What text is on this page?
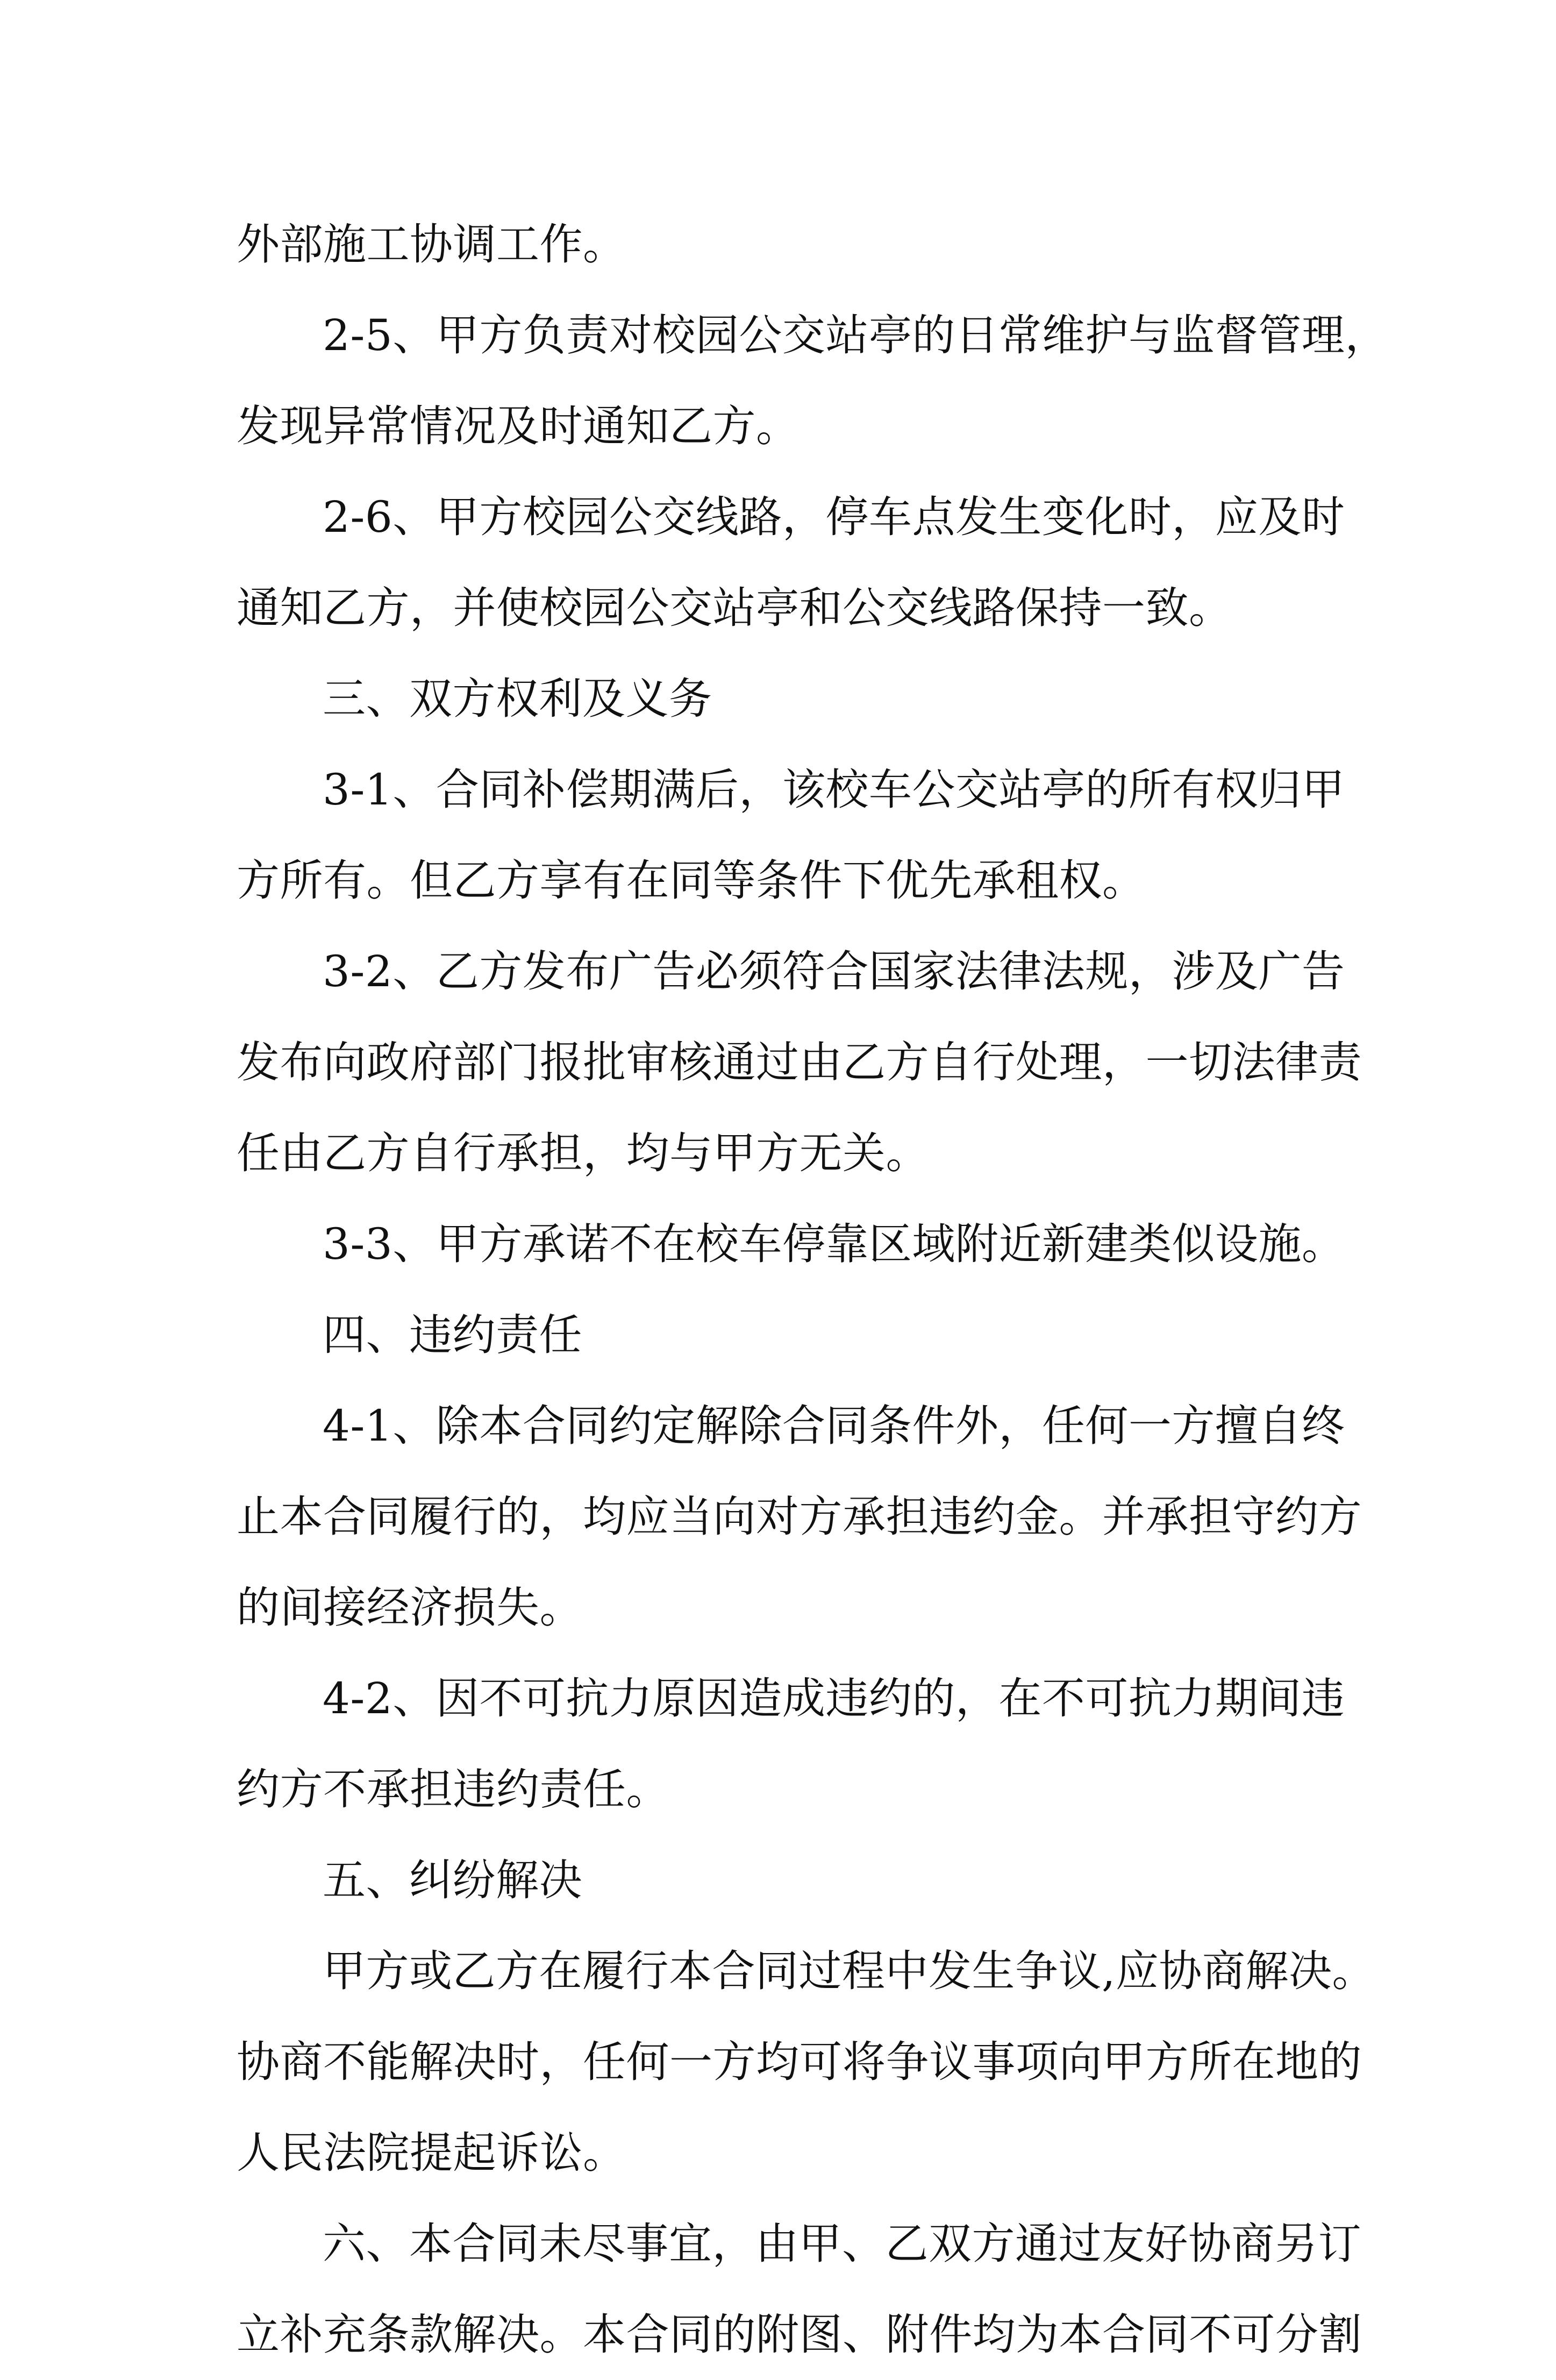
外部施工协调工作。

2-5、甲方负责对校园公交站亭的日常维护与监督管理，

发现异常情况及时通知乙方。

2-6、甲方校园公交线路，停车点发生变化时，应及时

通知乙方，并使校园公交站亭和公交线路保持一致。

三、双方权利及义务

3-1、合同补偿期满后，该校车公交站亭的所有权归甲

方所有。但乙方享有在同等条件下优先承租权。

3-2、乙方发布广告必须符合国家法律法规，涉及广告

发布向政府部门报批审核通过由乙方自行处理，一切法律责

任由乙方自行承担，均与甲方无关。

3-3、甲方承诺不在校车停靠区域附近新建类似设施。

四、违约责任

4-1、除本合同约定解除合同条件外，任何一方擅自终

止本合同履行的，均应当向对方承担违约金。并承担守约方

的间接经济损失。

4-2、因不可抗力原因造成违约的，在不可抗力期间违

约方不承担违约责任。

五、纠纷解决

甲方或乙方在履行本合同过程中发生争议,应协商解决。

协商不能解决时，任何一方均可将争议事项向甲方所在地的

人民法院提起诉讼。

六、本合同未尽事宜，由甲、乙双方通过友好协商另订

立补充条款解决。本合同的附图、附件均为本合同不可分割
